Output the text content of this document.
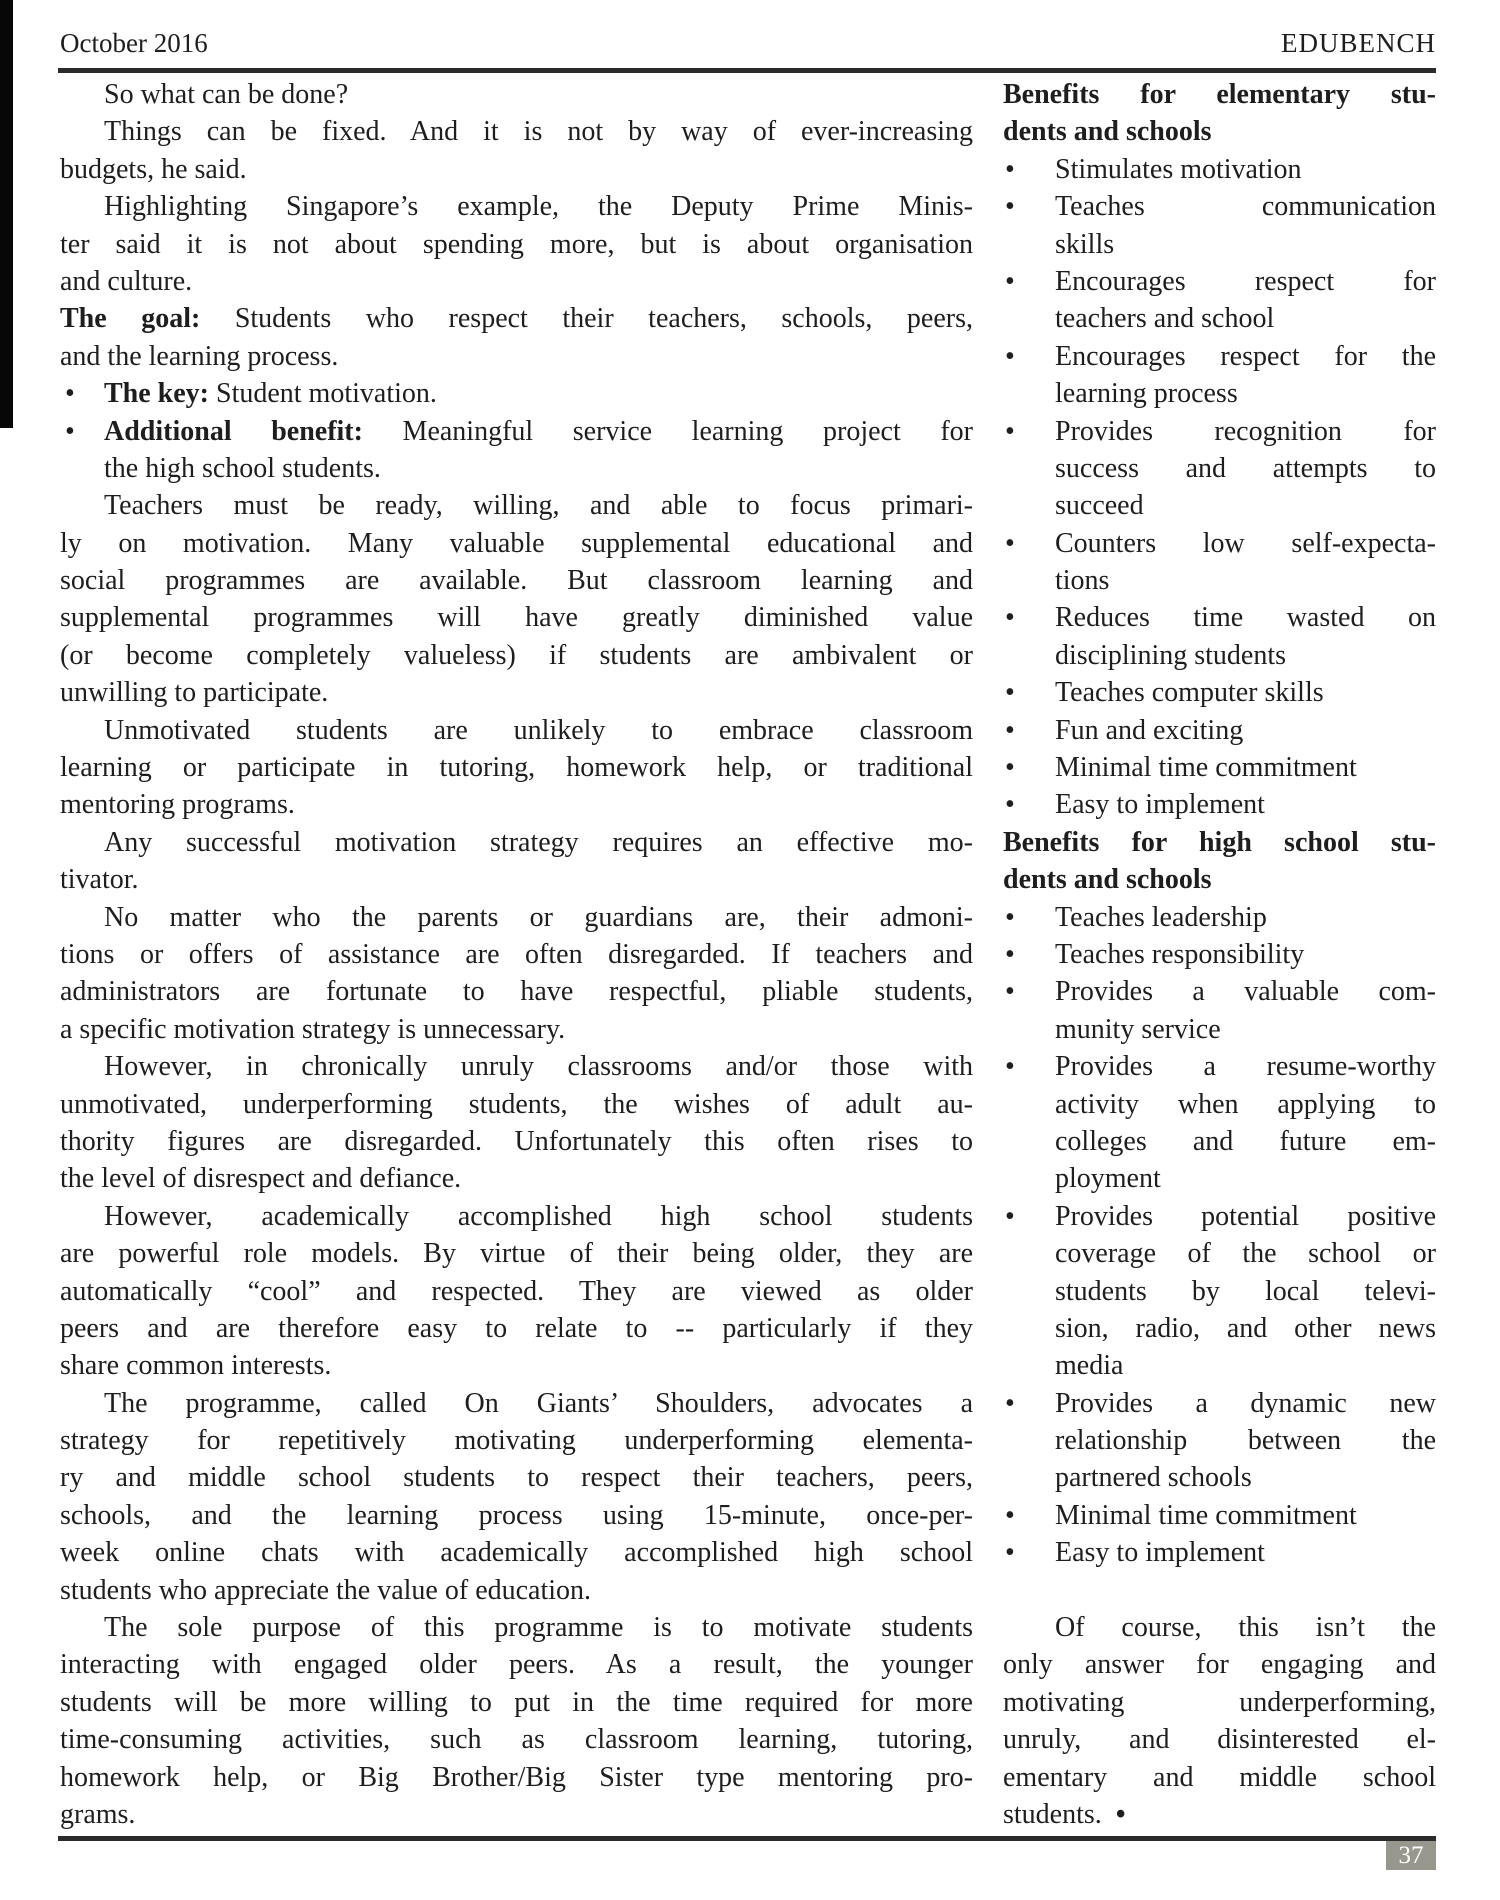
October 2016	EDUBENCH
So what can be done?
Things can be fixed. And it is not by way of ever-increasing
budgets, he said.
Highlighting Singapore’s example, the Deputy Prime Minis-
ter said it is not about spending more, but is about organisation
and culture.
The goal: Students who respect their teachers, schools, peers,
and the learning process.
• The key: Student motivation.
• Additional benefit: Meaningful service learning project for
the high school students.
Teachers must be ready, willing, and able to focus primari-
ly on motivation. Many valuable supplemental educational and
social programmes are available. But classroom learning and
supplemental programmes will have greatly diminished value
(or become completely valueless) if students are ambivalent or
unwilling to participate.
Unmotivated students are unlikely to embrace classroom
learning or participate in tutoring, homework help, or traditional
mentoring programs.
Any successful motivation strategy requires an effective mo-
tivator.
No matter who the parents or guardians are, their admoni-
tions or offers of assistance are often disregarded. If teachers and
administrators are fortunate to have respectful, pliable students,
a specific motivation strategy is unnecessary.
However, in chronically unruly classrooms and/or those with
unmotivated, underperforming students, the wishes of adult au-
thority figures are disregarded. Unfortunately this often rises to
the level of disrespect and defiance.
However, academically accomplished high school students
are powerful role models. By virtue of their being older, they are
automatically “cool” and respected. They are viewed as older
peers and are therefore easy to relate to -- particularly if they
share common interests.
The programme, called On Giants’ Shoulders, advocates a
strategy for repetitively motivating underperforming elementa-
ry and middle school students to respect their teachers, peers,
schools, and the learning process using 15-minute, once-per-
week online chats with academically accomplished high school
students who appreciate the value of education.
The sole purpose of this programme is to motivate students
interacting with engaged older peers. As a result, the younger
students will be more willing to put in the time required for more
time-consuming activities, such as classroom learning, tutoring,
homework help, or Big Brother/Big Sister type mentoring pro-
grams.
Benefits for elementary stu-
dents and schools
• Stimulates motivation
• Teaches communication
skills
• Encourages respect for
teachers and school
• Encourages respect for the
learning process
• Provides recognition for
success and attempts to
succeed
• Counters low self-expecta-
tions
• Reduces time wasted on
disciplining students
• Teaches computer skills
• Fun and exciting
• Minimal time commitment
• Easy to implement
Benefits for high school stu-
dents and schools
• Teaches leadership
• Teaches responsibility
• Provides a valuable com-
munity service
• Provides a resume-worthy
activity when applying to
colleges and future em-
ployment
• Provides potential positive
coverage of the school or
students by local televi-
sion, radio, and other news
media
• Provides a dynamic new
relationship between the
partnered schools
• Minimal time commitment
• Easy to implement
Of course, this isn’t the
only answer for engaging and
motivating underperforming,
unruly, and disinterested el-
ementary and middle school
students. •
37
